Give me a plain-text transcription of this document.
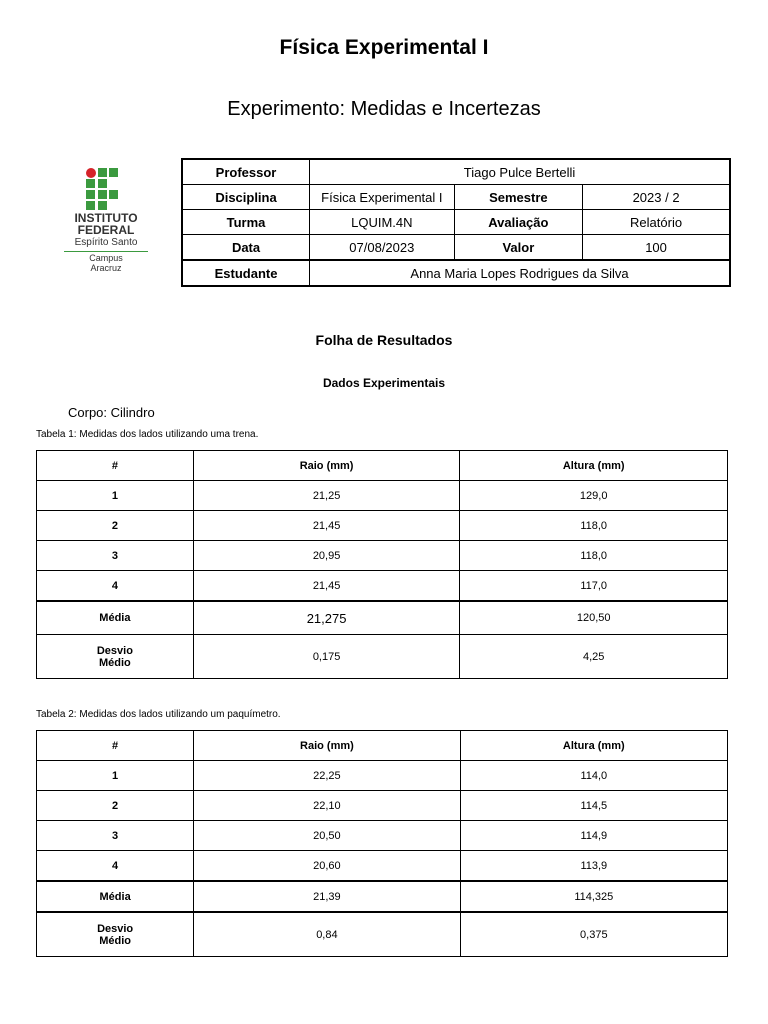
Física Experimental I
Experimento: Medidas e Incertezas
INSTITUTO
FEDERAL
Espírito Santo
Campus
Aracruz
Professor	Tiago Pulce Bertelli		
Disciplina	Física Experimental I	Semestre	2023 / 2
Turma	LQUIM.4N	Avaliação	Relatório
Data	07/08/2023	Valor	100
Estudante	Anna Maria Lopes Rodrigues da Silva		
Folha de Resultados
Dados Experimentais
Corpo: Cilindro
Tabela 1: Medidas dos lados utilizando uma trena.
#	Raio (mm)	Altura (mm)
1	21,25	129,0
2	21,45	118,0
3	20,95	118,0
4	21,45	117,0
Média	21,275	120,50
Desvio
Médio	0,175	4,25
Tabela 2: Medidas dos lados utilizando um paquímetro.
#	Raio (mm)	Altura (mm)
1	22,25	114,0
2	22,10	114,5
3	20,50	114,9
4	20,60	113,9
Média	21,39	114,325
Desvio
Médio	0,84	0,375
